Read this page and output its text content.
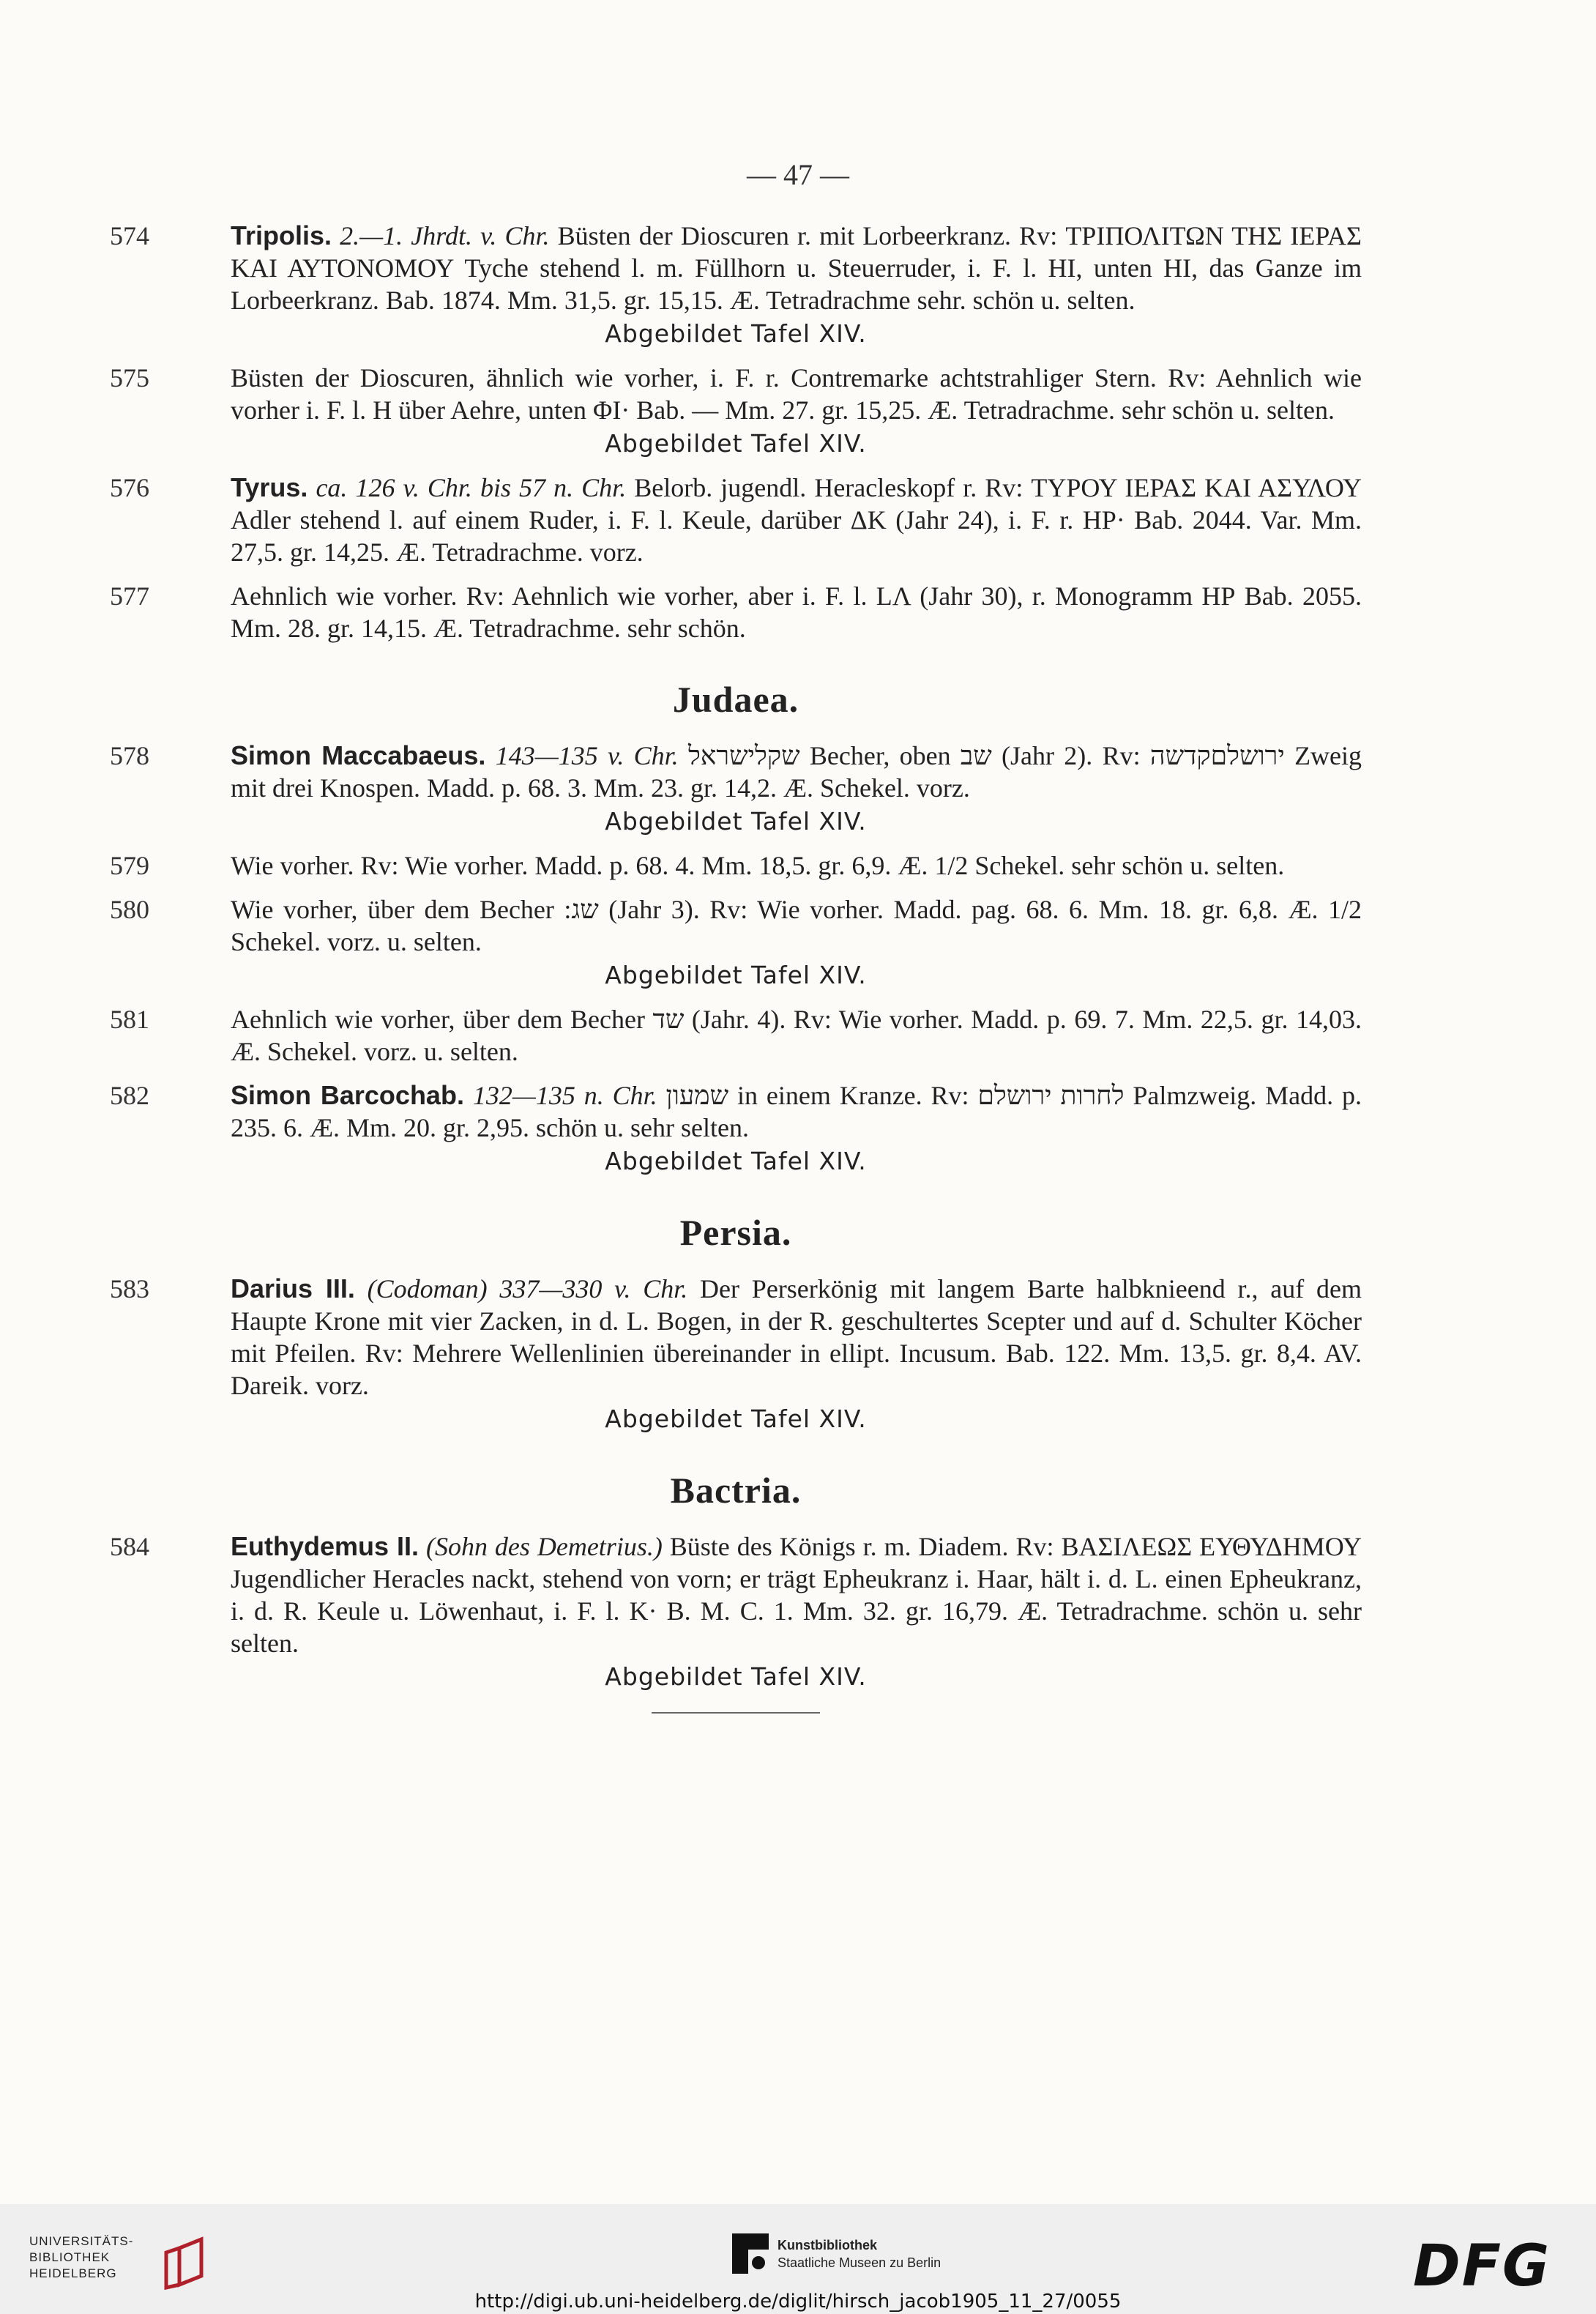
— 47 —
574	Tripolis. 2.—1. Jhrdt. v. Chr. Büsten der Dioscuren r. mit Lorbeerkranz. Rv: ΤΡΙΠΟΛΙΤΩΝ ΤΗΣ ΙΕΡΑΣ ΚΑΙ ΑΥΤΟΝΟΜΟΥ Tyche stehend l. m. Füllhorn u. Steuerruder, i. F. l. ΗΙ, unten ΗΙ, das Ganze im Lorbeerkranz. Bab. 1874. Mm. 31,5. gr. 15,15. Æ. Tetradrachme sehr. schön u. selten.
Abgebildet Tafel XIV.
575	Büsten der Dioscuren, ähnlich wie vorher, i. F. r. Contremarke achtstrahliger Stern. Rv: Aehnlich wie vorher i. F. l. H über Aehre, unten ΦΙ· Bab. — Mm. 27. gr. 15,25. Æ. Tetradrachme. sehr schön u. selten.
Abgebildet Tafel XIV.
576	Tyrus. ca. 126 v. Chr. bis 57 n. Chr. Belorb. jugendl. Heracleskopf r. Rv: ΤΥΡΟΥ ΙΕΡΑΣ ΚΑΙ ΑΣΥΛΟΥ Adler stehend l. auf einem Ruder, i. F. l. Keule, darüber ΔΚ (Jahr 24), i. F. r. ΗΡ· Bab. 2044. Var. Mm. 27,5. gr. 14,25. Æ. Tetradrachme. vorz.
577	Aehnlich wie vorher. Rv: Aehnlich wie vorher, aber i. F. l. LΛ (Jahr 30), r. Monogramm ΗΡ Bab. 2055. Mm. 28. gr. 14,15. Æ. Tetradrachme. sehr schön.
Judaea.
578	Simon Maccabaeus. 143—135 v. Chr. שקלישראל Becher, oben שב (Jahr 2). Rv: ירושלםקדשה Zweig mit drei Knospen. Madd. p. 68. 3. Mm. 23. gr. 14,2. Æ. Schekel. vorz.
Abgebildet Tafel XIV.
579	Wie vorher. Rv: Wie vorher. Madd. p. 68. 4. Mm. 18,5. gr. 6,9. Æ. 1/2 Schekel. sehr schön u. selten.
580	Wie vorher, über dem Becher :שג (Jahr 3). Rv: Wie vorher. Madd. pag. 68. 6. Mm. 18. gr. 6,8. Æ. 1/2 Schekel. vorz. u. selten.
Abgebildet Tafel XIV.
581	Aehnlich wie vorher, über dem Becher שד (Jahr. 4). Rv: Wie vorher. Madd. p. 69. 7. Mm. 22,5. gr. 14,03. Æ. Schekel. vorz. u. selten.
582	Simon Barcochab. 132—135 n. Chr. שמעון in einem Kranze. Rv: לחרות ירושלם Palmzweig. Madd. p. 235. 6. Æ. Mm. 20. gr. 2,95. schön u. sehr selten.
Abgebildet Tafel XIV.
Persia.
583	Darius III. (Codoman) 337—330 v. Chr. Der Perserkönig mit langem Barte halbknieend r., auf dem Haupte Krone mit vier Zacken, in d. L. Bogen, in der R. geschultertes Scepter und auf d. Schulter Köcher mit Pfeilen. Rv: Mehrere Wellenlinien übereinander in ellipt. Incusum. Bab. 122. Mm. 13,5. gr. 8,4. AV. Dareik. vorz.
Abgebildet Tafel XIV.
Bactria.
584	Euthydemus II. (Sohn des Demetrius.) Büste des Königs r. m. Diadem. Rv: ΒΑΣΙΛΕΩΣ ΕΥΘΥΔΗΜΟΥ Jugendlicher Heracles nackt, stehend von vorn; er trägt Epheukranz i. Haar, hält i. d. L. einen Epheukranz, i. d. R. Keule u. Löwenhaut, i. F. l. Κ· B. M. C. 1. Mm. 32. gr. 16,79. Æ. Tetradrachme. schön u. sehr selten.
Abgebildet Tafel XIV.
UNIVERSITÄTS-
BIBLIOTHEK
HEIDELBERG
Kunstbibliothek
Staatliche Museen zu Berlin	DFG
http://digi.ub.uni-heidelberg.de/diglit/hirsch_jacob1905_11_27/0055
